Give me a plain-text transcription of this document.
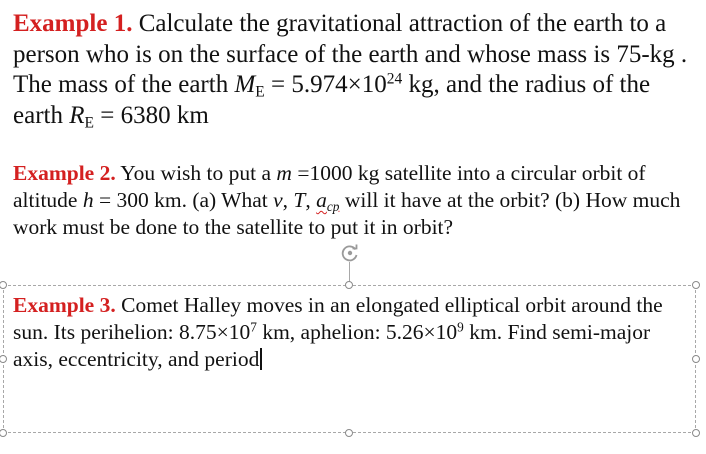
Example 1. Calculate the gravitational attraction of the earth to a person who is on the surface of the earth and whose mass is 75-kg . The mass of the earth $M_E = 5.974\times 10^{24}$ kg, and the radius of the earth $R_E = 6380$ km

Example 2. You wish to put a m =1000 kg satellite into a circular orbit of altitude h = 300 km. (a) What v, T, $a_{cp}$ will it have at the orbit? (b) How much work must be done to the satellite to put it in orbit?

Example 3. Comet Halley moves in an elongated elliptical orbit around the sun. Its perihelion: $8.75\times 10^7$ km, aphelion: $5.26\times 10^9$ km. Find semi-major axis, eccentricity, and period
